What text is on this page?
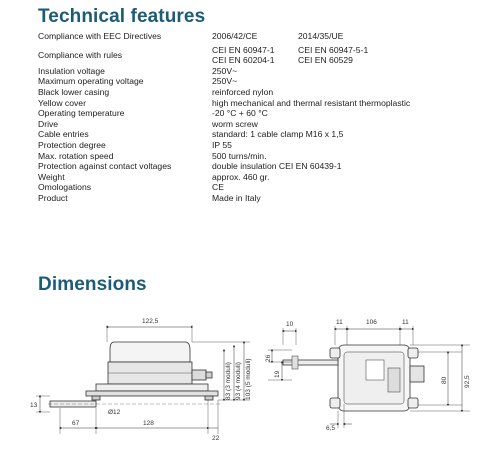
Technical features
Compliance with EEC Directives	2006/42/CE	2014/35/UE
Compliance with rules
CEI EN 60947-1	CEI EN 60947-5-1
CEI EN 60204-1	CEI EN 60529
Insulation voltage	250V~
Maximum operating voltage	250V~
Black lower casing	reinforced nylon
Yellow cover	high mechanical and thermal resistant thermoplastic
Operating temperature	-20 °C + 60 °C
Drive	worm screw
Cable entries	standard: 1 cable clamp M16 x 1,5
Protection degree	IP 55
Max. rotation speed	500 turns/min.
Protection against contact voltages	double insulation CEI EN 60439-1
Weight	approx. 460 gr.
Omologations	CE
Product	Made in Italy
Dimensions
122,5
Ø12
13
83 (3 moduli) 93 (4 moduli) 103 (5 moduli)
67	128
22
10	11	106	11
26
19
80 92,5
6,5
